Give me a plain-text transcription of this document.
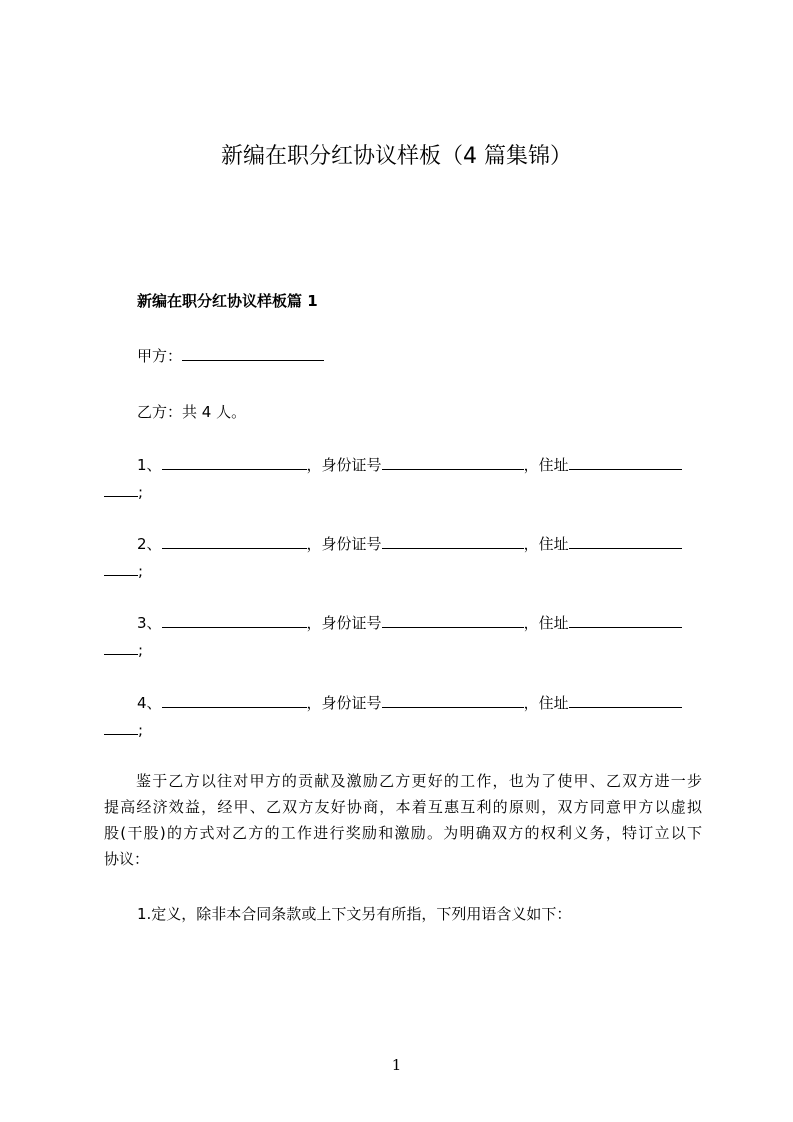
新编在职分红协议样板（4 篇集锦）
新编在职分红协议样板篇 1
甲方：
乙方：共 4 人。
1、	，身份证号	，住址
;
2、	，身份证号	，住址
;
3、	，身份证号	，住址
;
4、	，身份证号	，住址
;
鉴于乙方以往对甲方的贡献及激励乙方更好的工作，也为了使甲、乙双方进一步
提高经济效益，经甲、乙双方友好协商，本着互惠互利的原则，双方同意甲方以虚拟
股(干股)的方式对乙方的工作进行奖励和激励。为明确双方的权利义务，特订立以下
协议：
1.定义，除非本合同条款或上下文另有所指，下列用语含义如下：
1
